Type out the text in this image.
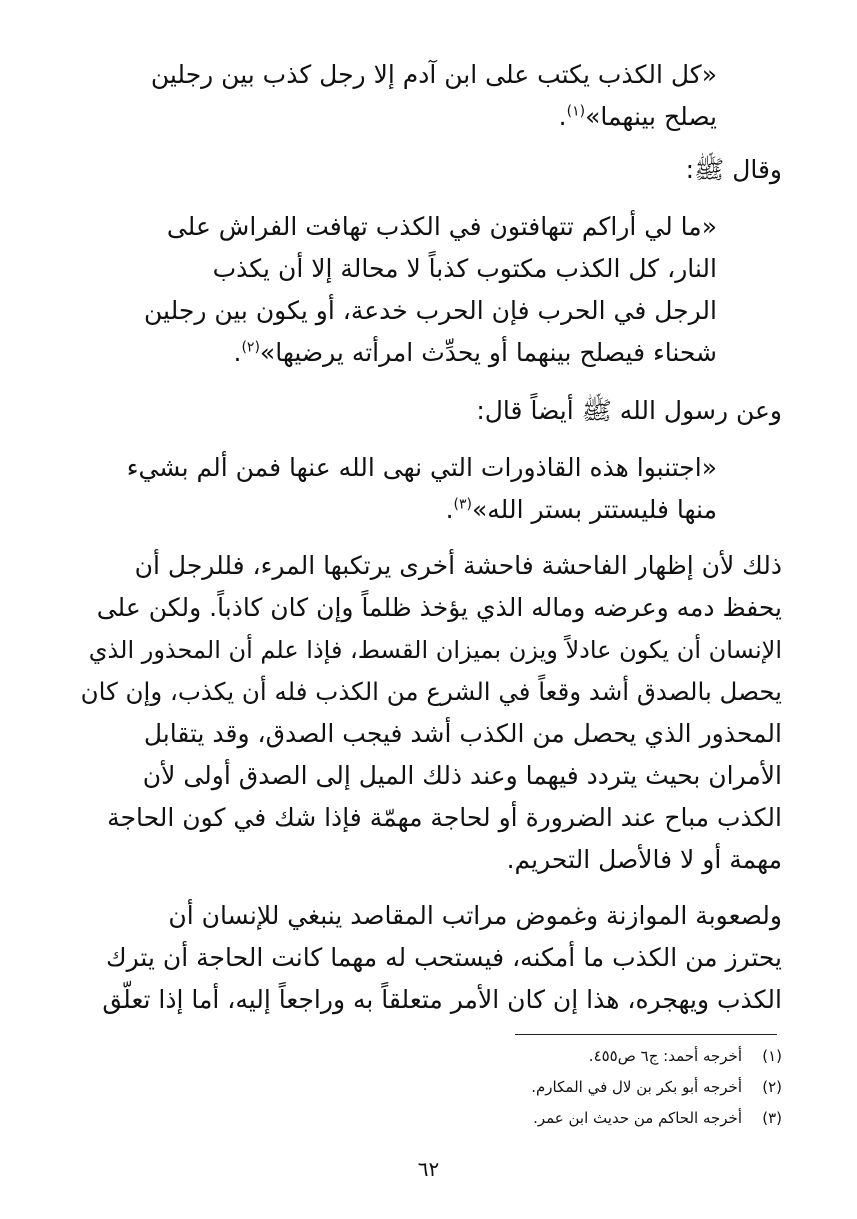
«كل الكذب يكتب على ابن آدم إلا رجل كذب بين رجلين
يصلح بينهما»$^{(١)}$.
وقال ﷺ:
«ما لي أراكم تتهافتون في الكذب تهافت الفراش على
النار، كل الكذب مكتوب كذباً لا محالة إلا أن يكذب
الرجل في الحرب فإن الحرب خدعة، أو يكون بين رجلين
شحناء فيصلح بينهما أو يحدِّث امرأته يرضيها»$^{(٢)}$.
وعن رسول الله ﷺ أيضاً قال:
«اجتنبوا هذه القاذورات التي نهى الله عنها فمن ألم بشيء
منها فليستتر بستر الله»$^{(٣)}$.
ذلك لأن إظهار الفاحشة فاحشة أخرى يرتكبها المرء، فللرجل أن
يحفظ دمه وعرضه وماله الذي يؤخذ ظلماً وإن كان كاذباً. ولكن على
الإنسان أن يكون عادلاً ويزن بميزان القسط، فإذا علم أن المحذور الذي
يحصل بالصدق أشد وقعاً في الشرع من الكذب فله أن يكذب، وإن كان
المحذور الذي يحصل من الكذب أشد فيجب الصدق، وقد يتقابل
الأمران بحيث يتردد فيهما وعند ذلك الميل إلى الصدق أولى لأن
الكذب مباح عند الضرورة أو لحاجة مهمّة فإذا شك في كون الحاجة
مهمة أو لا فالأصل التحريم.
ولصعوبة الموازنة وغموض مراتب المقاصد ينبغي للإنسان أن
يحترز من الكذب ما أمكنه، فيستحب له مهما كانت الحاجة أن يترك
الكذب ويهجره، هذا إن كان الأمر متعلقاً به وراجعاً إليه، أما إذا تعلّق
(١)أخرجه أحمد: ج٦ ص٤٥٥.
(٢)أخرجه أبو بكر بن لال في المكارم.
(٣)أخرجه الحاكم من حديث ابن عمر.
٦٢
